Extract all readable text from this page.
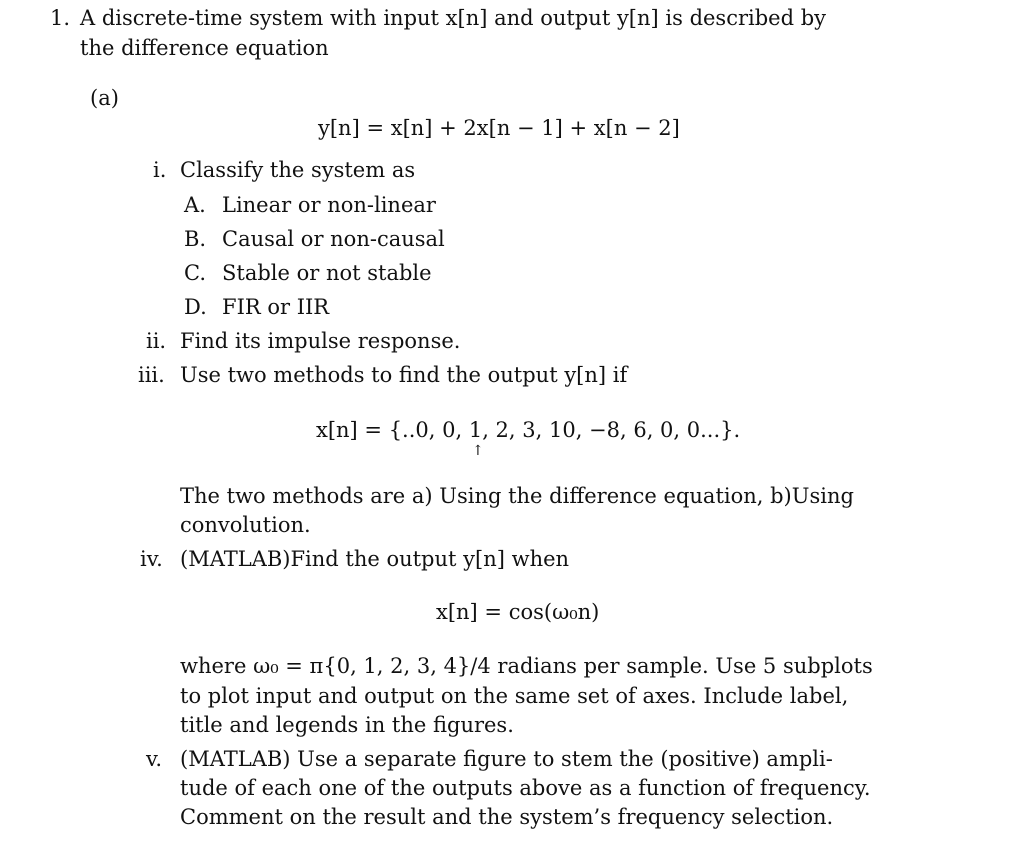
1. A discrete-time system with input x[n] and output y[n] is described by
the difference equation
(a)
y[n] = x[n] + 2x[n − 1] + x[n − 2]
i. Classify the system as
A. Linear or non-linear
B. Causal or non-causal
C. Stable or not stable
D. FIR or IIR
ii. Find its impulse response.
iii. Use two methods to find the output y[n] if
x[n] = {..0, 0, 1, 2, 3, 10, −8, 6, 0, 0...}.
↑
The two methods are a) Using the difference equation, b)Using
convolution.
iv. (MATLAB)Find the output y[n] when
x[n] = cos(ω₀n)
where ω₀ = π{0, 1, 2, 3, 4}/4 radians per sample. Use 5 subplots
to plot input and output on the same set of axes. Include label,
title and legends in the figures.
v. (MATLAB) Use a separate figure to stem the (positive) ampli-
tude of each one of the outputs above as a function of frequency.
Comment on the result and the system’s frequency selection.
